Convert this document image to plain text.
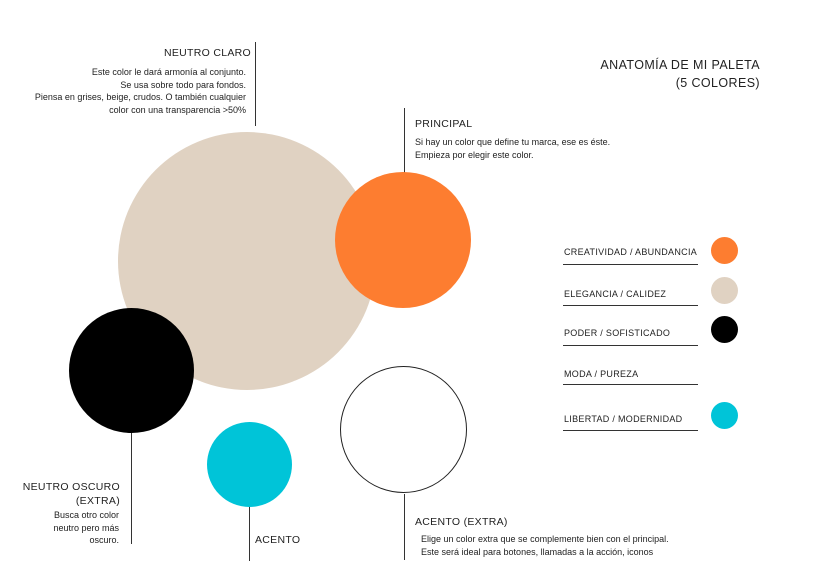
ANATOMÍA DE MI PALETA
(5 COLORES)
NEUTRO CLARO
Este color le dará armonía al conjunto.
Se usa sobre todo para fondos.
Piensa en grises, beige, crudos. O también cualquier
color con una transparencia >50%
PRINCIPAL
Si hay un color que define tu marca, ese es éste.
Empieza por elegir este color.
NEUTRO OSCURO
(EXTRA)
Busca otro color
neutro pero más
oscuro.	ACENTO
ACENTO (EXTRA)
Elige un color extra que se complemente bien con el principal.
Este será ideal para botones, llamadas a la acción, iconos
CREATIVIDAD / ABUNDANCIA
ELEGANCIA / CALIDEZ
PODER / SOFISTICADO
MODA / PUREZA
LIBERTAD / MODERNIDAD
